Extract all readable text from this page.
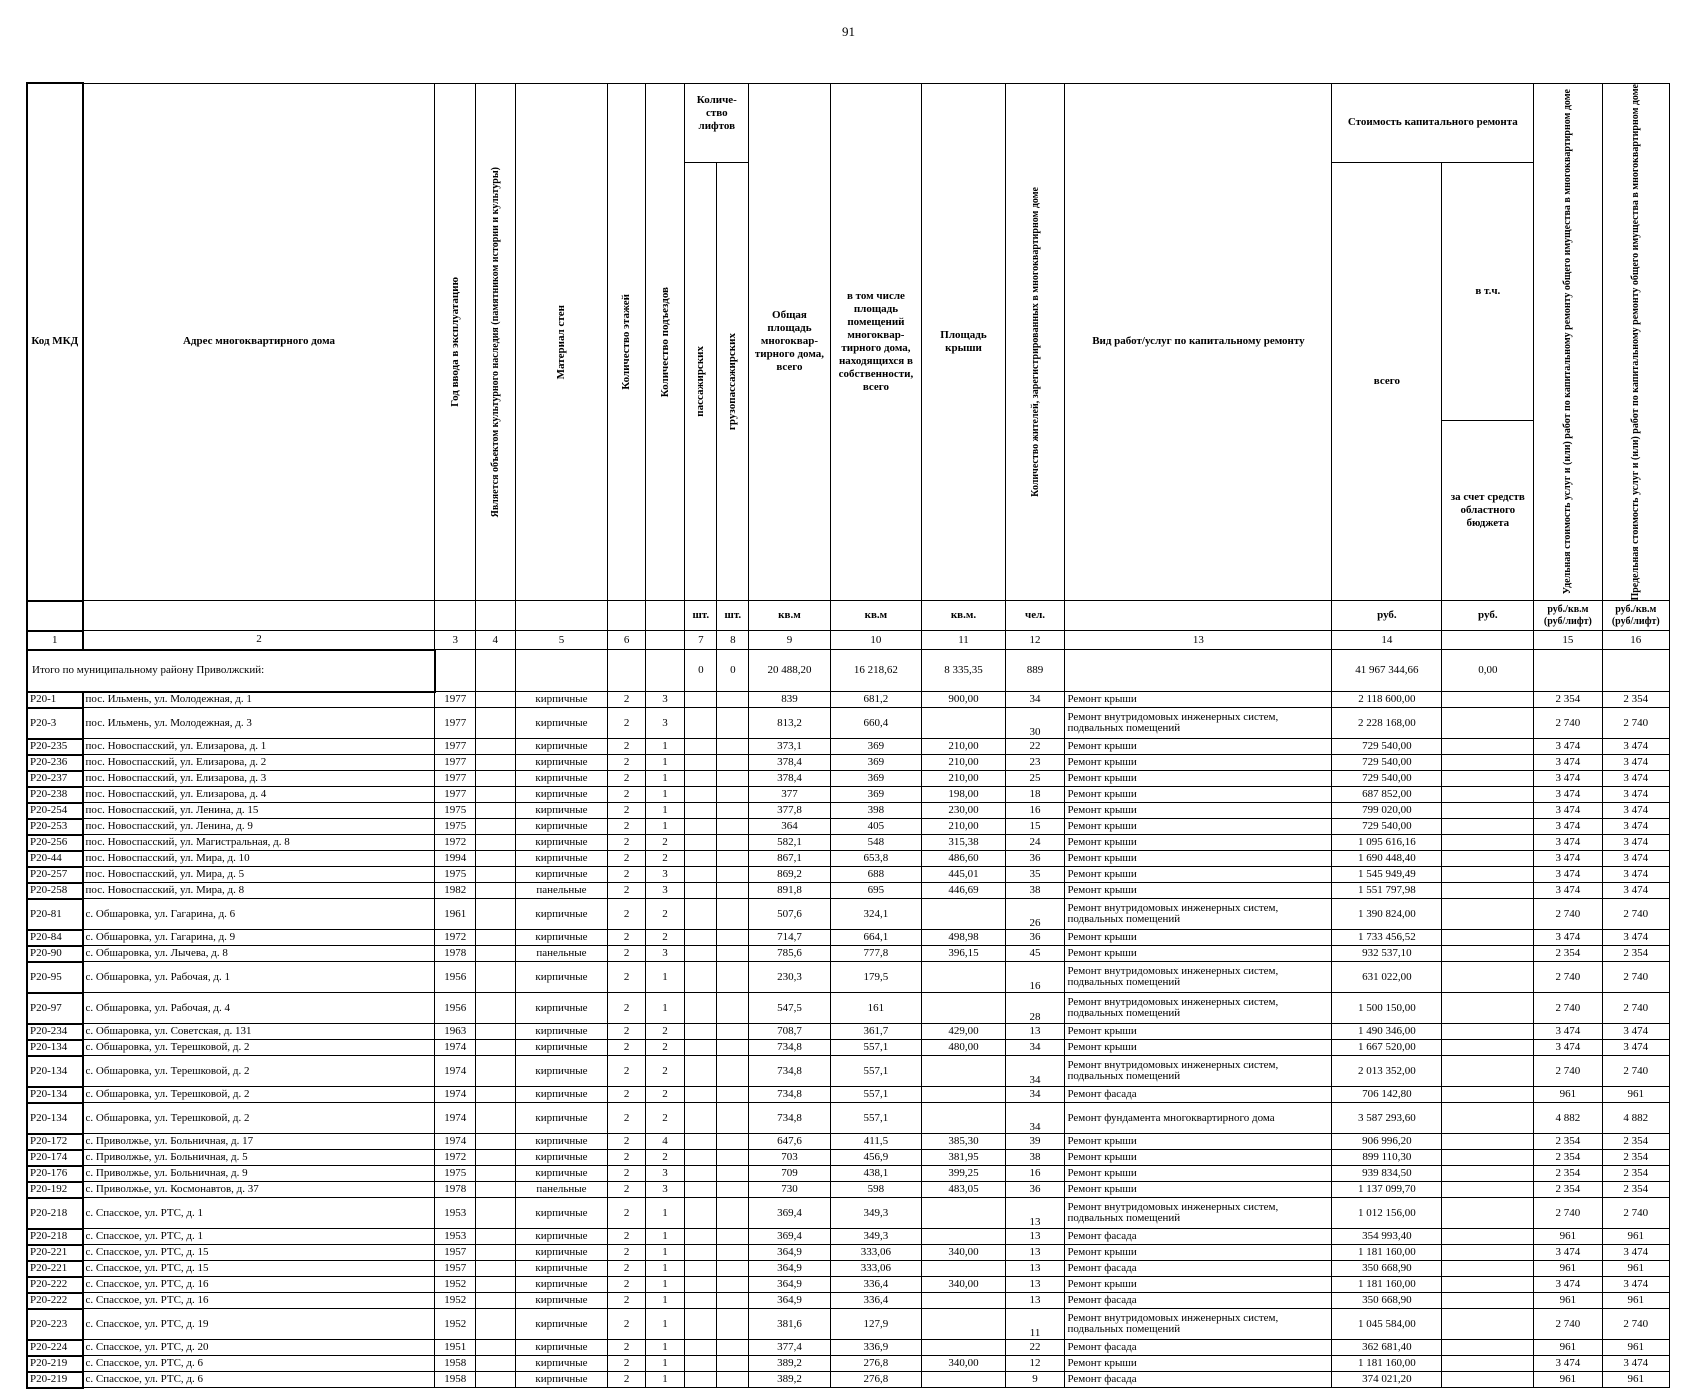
91
Код МКД	Адрес многоквартирного дома	Год ввода в эксплуатацию	Является объектом культурного наследия (памятником истории и культуры)	Материал стен	Количество этажей	Количество подъездов	Количе-ство лифтов		Общая площадь многоквар-тирного дома, всего	в том числе площадь помещений многоквар-тирного дома, находящихся в собственности, всего	Площадь крыши	Количество жителей, зарегистрированных в многоквартирном доме	Вид работ/услуг по капитальному ремонту	Стоимость капитального ремонта		Удельная стоимость услуг и (или) работ по капитальному ремонту общего имущества в многоквартирном доме	Предельная стоимость услуг и (или) работ по капитальному ремонту общего имущества в многоквартирном доме

							пассажирских	грузопассажирских						всего	в т.ч.		
															за счет средств областного бюджета		
							шт.	шт.	кв.м	кв.м	кв.м.	чел.		руб.	руб.	руб./кв.м (руб/лифт)	руб./кв.м (руб/лифт)
1	2	3	4	5	6		7	8	9	10	11	12	13	14		15	16
Итого по муниципальному району Приволжский:							0	0	20 488,20	16 218,62	8 335,35	889		41 967 344,66	0,00		
Р20-1	пос. Ильмень, ул. Молодежная, д. 1	1977		кирпичные	2	3			839	681,2	900,00	34	Ремонт крыши	2 118 600,00		2 354	2 354
Р20-3	пос. Ильмень, ул. Молодежная, д. 3	1977		кирпичные	2	3			813,2	660,4		30	Ремонт внутридомовых инженерных систем, подвальных помещений	2 228 168,00		2 740	2 740
Р20-235	пос. Новоспасский, ул. Елизарова, д. 1	1977		кирпичные	2	1			373,1	369	210,00	22	Ремонт крыши	729 540,00		3 474	3 474
Р20-236	пос. Новоспасский, ул. Елизарова, д. 2	1977		кирпичные	2	1			378,4	369	210,00	23	Ремонт крыши	729 540,00		3 474	3 474
Р20-237	пос. Новоспасский, ул. Елизарова, д. 3	1977		кирпичные	2	1			378,4	369	210,00	25	Ремонт крыши	729 540,00		3 474	3 474
Р20-238	пос. Новоспасский, ул. Елизарова, д. 4	1977		кирпичные	2	1			377	369	198,00	18	Ремонт крыши	687 852,00		3 474	3 474
Р20-254	пос. Новоспасский, ул. Ленина, д. 15	1975		кирпичные	2	1			377,8	398	230,00	16	Ремонт крыши	799 020,00		3 474	3 474
Р20-253	пос. Новоспасский, ул. Ленина, д. 9	1975		кирпичные	2	1			364	405	210,00	15	Ремонт крыши	729 540,00		3 474	3 474
Р20-256	пос. Новоспасский, ул. Магистральная, д. 8	1972		кирпичные	2	2			582,1	548	315,38	24	Ремонт крыши	1 095 616,16		3 474	3 474
Р20-44	пос. Новоспасский, ул. Мира, д. 10	1994		кирпичные	2	2			867,1	653,8	486,60	36	Ремонт крыши	1 690 448,40		3 474	3 474
Р20-257	пос. Новоспасский, ул. Мира, д. 5	1975		кирпичные	2	3			869,2	688	445,01	35	Ремонт крыши	1 545 949,49		3 474	3 474
Р20-258	пос. Новоспасский, ул. Мира, д. 8	1982		панельные	2	3			891,8	695	446,69	38	Ремонт крыши	1 551 797,98		3 474	3 474
Р20-81	с. Обшаровка, ул. Гагарина, д. 6	1961		кирпичные	2	2			507,6	324,1		26	Ремонт внутридомовых инженерных систем, подвальных помещений	1 390 824,00		2 740	2 740
Р20-84	с. Обшаровка, ул. Гагарина, д. 9	1972		кирпичные	2	2			714,7	664,1	498,98	36	Ремонт крыши	1 733 456,52		3 474	3 474
Р20-90	с. Обшаровка, ул. Лычева, д. 8	1978		панельные	2	3			785,6	777,8	396,15	45	Ремонт крыши	932 537,10		2 354	2 354
Р20-95	с. Обшаровка, ул. Рабочая, д. 1	1956		кирпичные	2	1			230,3	179,5		16	Ремонт внутридомовых инженерных систем, подвальных помещений	631 022,00		2 740	2 740
Р20-97	с. Обшаровка, ул. Рабочая, д. 4	1956		кирпичные	2	1			547,5	161		28	Ремонт внутридомовых инженерных систем, подвальных помещений	1 500 150,00		2 740	2 740
Р20-234	с. Обшаровка, ул. Советская, д. 131	1963		кирпичные	2	2			708,7	361,7	429,00	13	Ремонт крыши	1 490 346,00		3 474	3 474
Р20-134	с. Обшаровка, ул. Терешковой, д. 2	1974		кирпичные	2	2			734,8	557,1	480,00	34	Ремонт крыши	1 667 520,00		3 474	3 474
Р20-134	с. Обшаровка, ул. Терешковой, д. 2	1974		кирпичные	2	2			734,8	557,1		34	Ремонт внутридомовых инженерных систем, подвальных помещений	2 013 352,00		2 740	2 740
Р20-134	с. Обшаровка, ул. Терешковой, д. 2	1974		кирпичные	2	2			734,8	557,1		34	Ремонт фасада	706 142,80		961	961
Р20-134	с. Обшаровка, ул. Терешковой, д. 2	1974		кирпичные	2	2			734,8	557,1		34	Ремонт фундамента многоквартирного дома	3 587 293,60		4 882	4 882
Р20-172	с. Приволжье, ул. Больничная, д. 17	1974		кирпичные	2	4			647,6	411,5	385,30	39	Ремонт крыши	906 996,20		2 354	2 354
Р20-174	с. Приволжье, ул. Больничная, д. 5	1972		кирпичные	2	2			703	456,9	381,95	38	Ремонт крыши	899 110,30		2 354	2 354
Р20-176	с. Приволжье, ул. Больничная, д. 9	1975		кирпичные	2	3			709	438,1	399,25	16	Ремонт крыши	939 834,50		2 354	2 354
Р20-192	с. Приволжье, ул. Космонавтов, д. 37	1978		панельные	2	3			730	598	483,05	36	Ремонт крыши	1 137 099,70		2 354	2 354
Р20-218	с. Спасское, ул. РТС, д. 1	1953		кирпичные	2	1			369,4	349,3		13	Ремонт внутридомовых инженерных систем, подвальных помещений	1 012 156,00		2 740	2 740
Р20-218	с. Спасское, ул. РТС, д. 1	1953		кирпичные	2	1			369,4	349,3		13	Ремонт фасада	354 993,40		961	961
Р20-221	с. Спасское, ул. РТС, д. 15	1957		кирпичные	2	1			364,9	333,06	340,00	13	Ремонт крыши	1 181 160,00		3 474	3 474
Р20-221	с. Спасское, ул. РТС, д. 15	1957		кирпичные	2	1			364,9	333,06		13	Ремонт фасада	350 668,90		961	961
Р20-222	с. Спасское, ул. РТС, д. 16	1952		кирпичные	2	1			364,9	336,4	340,00	13	Ремонт крыши	1 181 160,00		3 474	3 474
Р20-222	с. Спасское, ул. РТС, д. 16	1952		кирпичные	2	1			364,9	336,4		13	Ремонт фасада	350 668,90		961	961
Р20-223	с. Спасское, ул. РТС, д. 19	1952		кирпичные	2	1			381,6	127,9		11	Ремонт внутридомовых инженерных систем, подвальных помещений	1 045 584,00		2 740	2 740
Р20-224	с. Спасское, ул. РТС, д. 20	1951		кирпичные	2	1			377,4	336,9		22	Ремонт фасада	362 681,40		961	961
Р20-219	с. Спасское, ул. РТС, д. 6	1958		кирпичные	2	1			389,2	276,8	340,00	12	Ремонт крыши	1 181 160,00		3 474	3 474
Р20-219	с. Спасское, ул. РТС, д. 6	1958		кирпичные	2	1			389,2	276,8		9	Ремонт фасада	374 021,20		961	961
